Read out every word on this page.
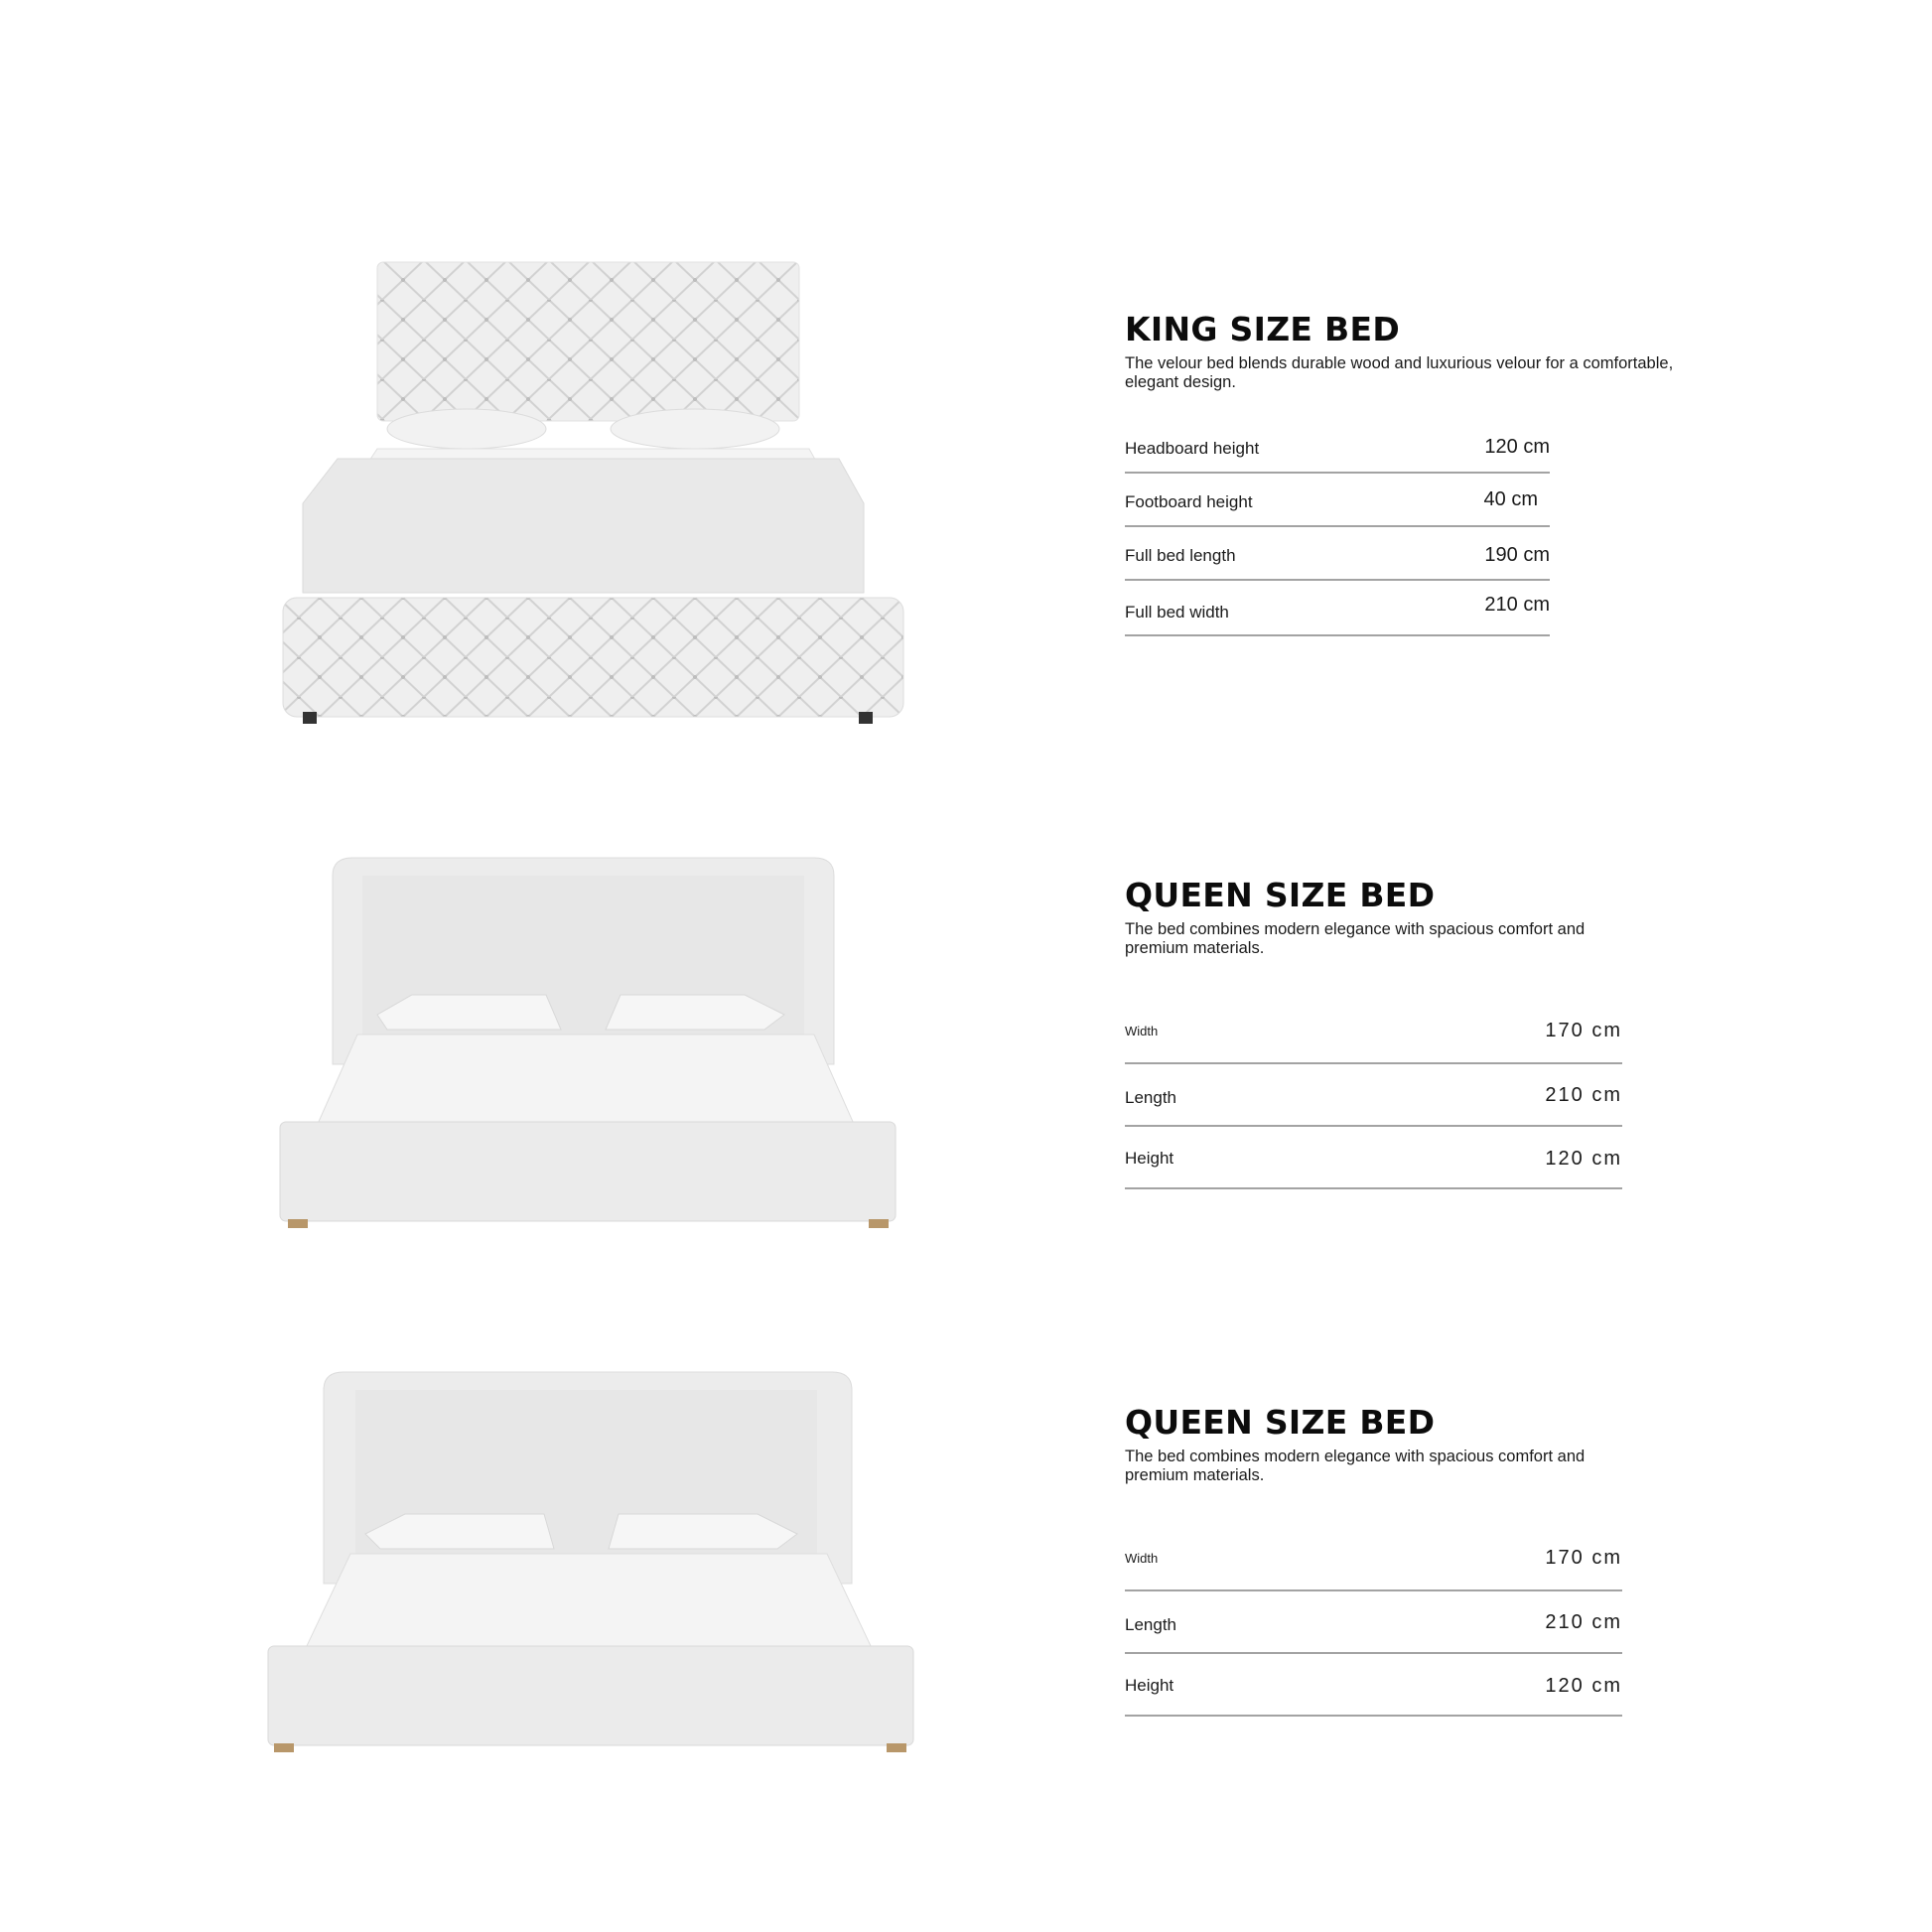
KING SIZE BED

The velour bed blends durable wood and luxurious velour for a comfortable, elegant design.

Headboard height	120 cm
Footboard height	40 cm
Full bed length	190 cm
Full bed width	210 cm
QUEEN SIZE BED

The bed combines modern elegance with spacious comfort and premium materials.

Width	170 cm
Length	210 cm
Height	120 cm
QUEEN SIZE BED

The bed combines modern elegance with spacious comfort and premium materials.

Width	170 cm
Length	210 cm
Height	120 cm
